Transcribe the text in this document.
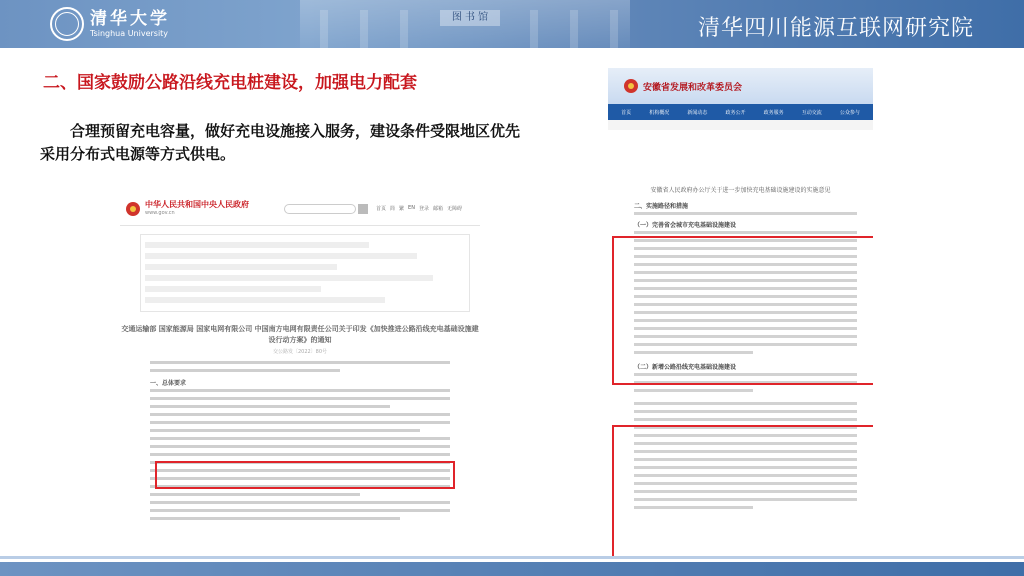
图 书 馆
清华大学
Tsinghua University	清华四川能源互联网研究院
二、国家鼓励公路沿线充电桩建设，加强电力配套
合理预留充电容量，做好充电设施接入服务，建设条件受限地区优先采用分布式电源等方式供电。
中华人民共和国中央人民政府
www.gov.cn
首页 简 繁 EN 登录 邮箱 无障碍
交通运输部 国家能源局 国家电网有限公司 中国南方电网有限责任公司关于印发《加快推进公路沿线充电基础设施建设行动方案》的通知
交公路发〔2022〕80号
一、总体要求
安徽省发展和改革委员会
首页	机构概况	新闻动态	政务公开	政务服务	互动交流	公众参与
安徽省人民政府办公厅关于进一步加快充电基础设施建设的实施意见
二、实施路径和措施
（一）完善省会城市充电基础设施建设
（二）新增公路沿线充电基础设施建设
